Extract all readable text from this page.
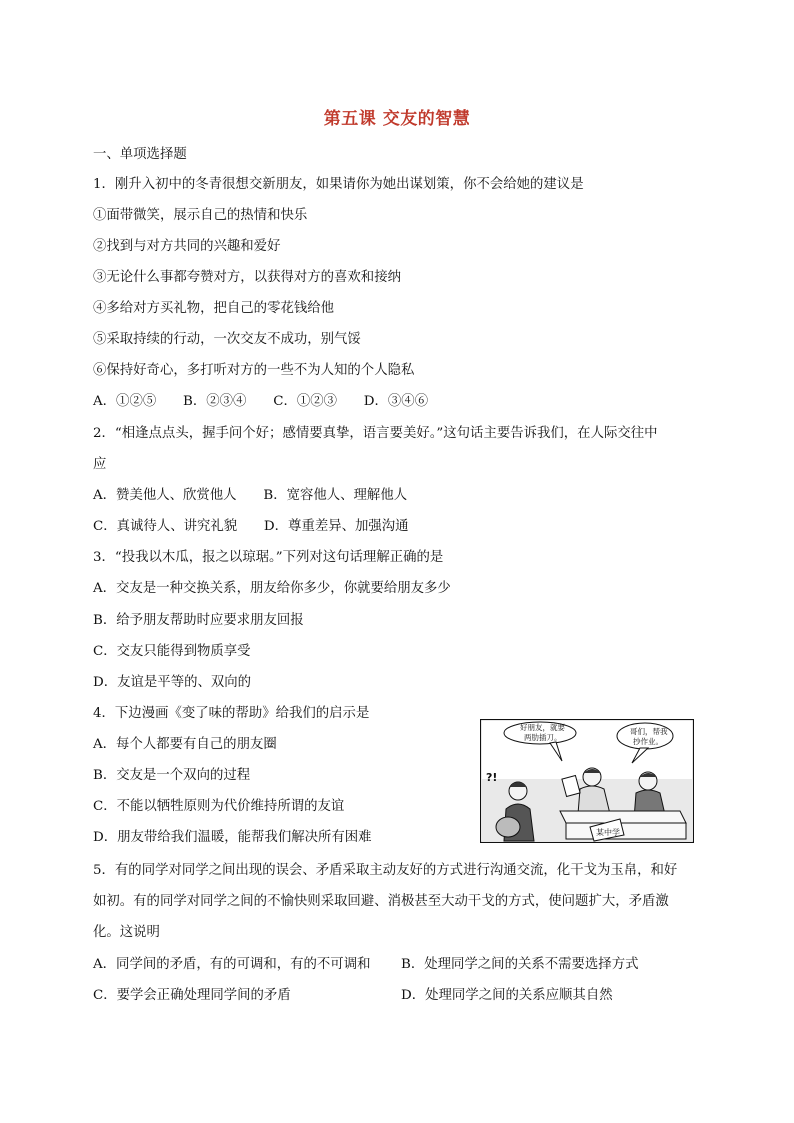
第五课 交友的智慧
一、单项选择题
1．刚升入初中的冬青很想交新朋友，如果请你为她出谋划策，你不会给她的建议是
①面带微笑，展示自己的热情和快乐
②找到与对方共同的兴趣和爱好
③无论什么事都夸赞对方，以获得对方的喜欢和接纳
④多给对方买礼物，把自己的零花钱给他
⑤采取持续的行动，一次交友不成功，别气馁
⑥保持好奇心，多打听对方的一些不为人知的个人隐私
A．①②⑤　　B．②③④　　C．①②③　　D．③④⑥
2．“相逢点点头，握手问个好；感情要真挚，语言要美好。”这句话主要告诉我们，在人际交往中
应
A．赞美他人、欣赏他人　　B．宽容他人、理解他人
C．真诚待人、讲究礼貌　　D．尊重差异、加强沟通
3．“投我以木瓜，报之以琼琚。”下列对这句话理解正确的是
A．交友是一种交换关系，朋友给你多少，你就要给朋友多少
B．给予朋友帮助时应要求朋友回报
C．交友只能得到物质享受
D．友谊是平等的、双向的
4．下边漫画《变了味的帮助》给我们的启示是
A．每个人都要有自己的朋友圈
B．交友是一个双向的过程
C．不能以牺牲原则为代价维持所谓的友谊
D．朋友带给我们温暖，能帮我们解决所有困难
好朋友，就要
两肋插刀。
哥们，帮我
抄作业。
?!
某中学
5．有的同学对同学之间出现的误会、矛盾采取主动友好的方式进行沟通交流，化干戈为玉帛，和好
如初。有的同学对同学之间的不愉快则采取回避、消极甚至大动干戈的方式，使问题扩大，矛盾激
化。这说明
A．同学间的矛盾，有的可调和，有的不可调和 B．处理同学之间的关系不需要选择方式
C．要学会正确处理同学间的矛盾	D．处理同学之间的关系应顺其自然
